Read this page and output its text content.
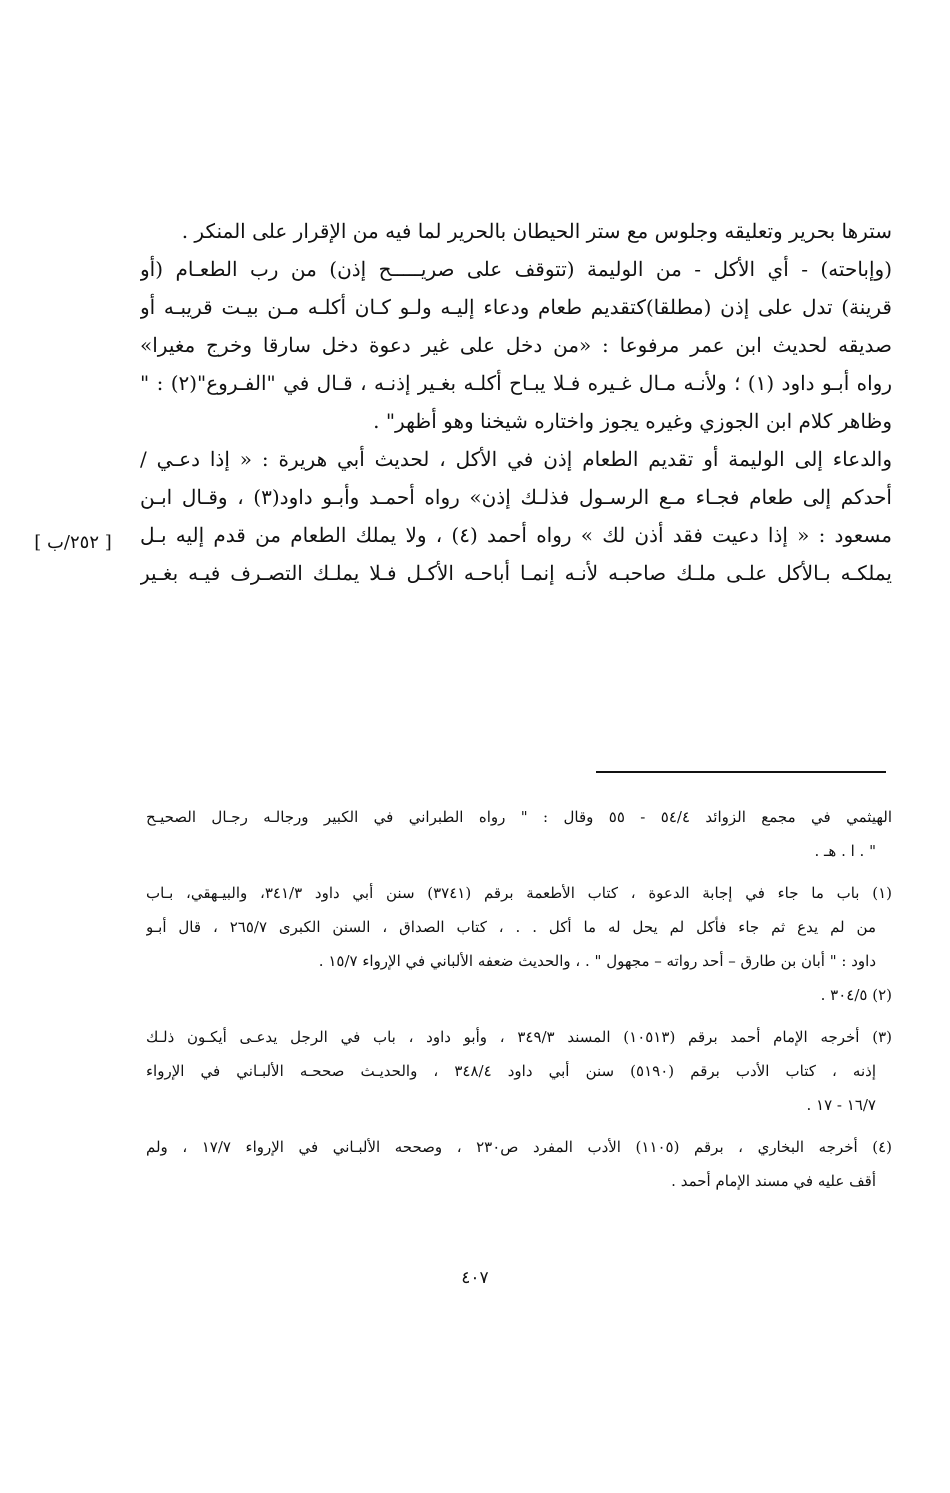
سترها بحرير وتعليقه وجلوس مع ستر الحيطان بالحرير لما فيه من الإقرار على المنكر .
(وإباحته) - أي الأكل - من الوليمة (تتوقف على صريـــــح إذن) من رب الطعـام (أو
قرينة) تدل على إذن (مطلقا)كتقديم طعام ودعاء إليـه ولـو كـان أكلـه مـن بيـت قريبـه أو
صديقه لحديث ابن عمر مرفوعا : «من دخل على غير دعوة دخل سارقا وخرج مغيرا»
رواه أبـو داود (١) ؛ ولأنـه مـال غـيره فـلا يبـاح أكلـه بغـير إذنـه ، قـال في "الفـروع"(٢) : "
وظاهر كلام ابن الجوزي وغيره يجوز واختاره شيخنا وهو أظهر" .
والدعاء إلى الوليمة أو تقديم الطعام إذن في الأكل ، لحديث أبي هريرة : « إذا دعـي /
أحدكم إلى طعام فجـاء مـع الرسـول فذلـك إذن» رواه أحمـد وأبـو داود(٣) ، وقـال ابـن
مسعود : « إذا دعيت فقد أذن لك » رواه أحمد (٤) ، ولا يملك الطعام من قدم إليه بـل
يملكـه بـالأكل علـى ملـك صاحبـه لأنـه إنمـا أباحـه الأكـل فـلا يملـك التصـرف فيـه بغـير
[ ٢٥٢/ب ]
الهيثمي في مجمع الزوائد ٥٤/٤ - ٥٥ وقال : " رواه الطبراني في الكبير ورجالـه رجـال الصحيـح
" . ا . هـ .
(١) باب ما جاء في إجابة الدعوة ، كتاب الأطعمة برقم (٣٧٤١) سنن أبي داود ٣٤١/٣، والبيـهقي، بـاب
من لم يدع ثم جاء فأكل لم يحل له ما أكل . . ، كتاب الصداق ، السنن الكبرى ٢٦٥/٧ ، قال أبـو
داود : " أبان بن طارق – أحد رواته – مجهول " . ، والحديث ضعفه الألباني في الإرواء ١٥/٧ .
(٢) ٣٠٤/٥ .
(٣) أخرجه الإمام أحمد برقم (١٠٥١٣) المسند ٣٤٩/٣ ، وأبو داود ، باب في الرجل يدعـى أيكـون ذلـك
إذنه ، كتاب الأدب برقم (٥١٩٠) سنن أبي داود ٣٤٨/٤ ، والحديـث صححـه الألبـاني في الإرواء
١٦/٧ - ١٧ .
(٤) أخرجه البخاري ، برقم (١١٠٥) الأدب المفرد ص٢٣٠ ، وصححه الألبـاني في الإرواء ١٧/٧ ، ولم
أقف عليه في مسند الإمام أحمد .
٤٠٧
